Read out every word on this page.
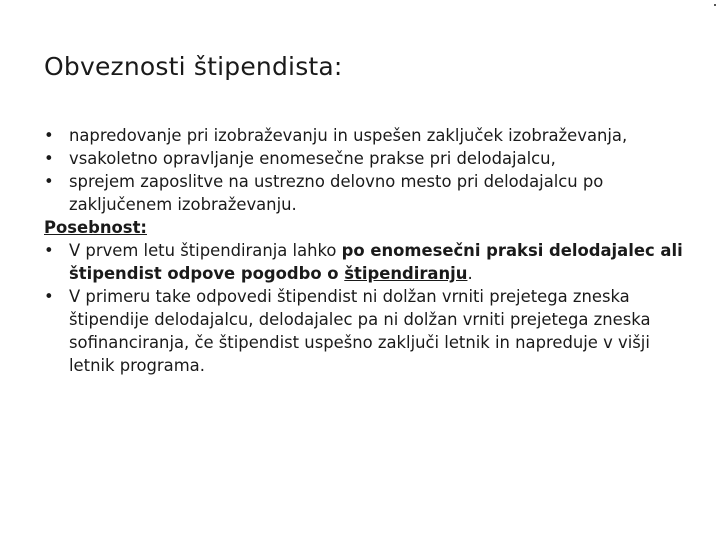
Obveznosti štipendista:
• napredovanje pri izobraževanju in uspešen zaključek izobraževanja,
• vsakoletno opravljanje enomesečne prakse pri delodajalcu,
• sprejem zaposlitve na ustrezno delovno mesto pri delodajalcu po zaključenem izobraževanju.
Posebnost:
• V prvem letu štipendiranja lahko po enomesečni praksi delodajalec ali štipendist odpove pogodbo o štipendiranju.
• V primeru take odpovedi štipendist ni dolžan vrniti prejetega zneska štipendije delodajalcu, delodajalec pa ni dolžan vrniti prejetega zneska sofinanciranja, če štipendist uspešno zaključi letnik in napreduje v višji letnik programa.
